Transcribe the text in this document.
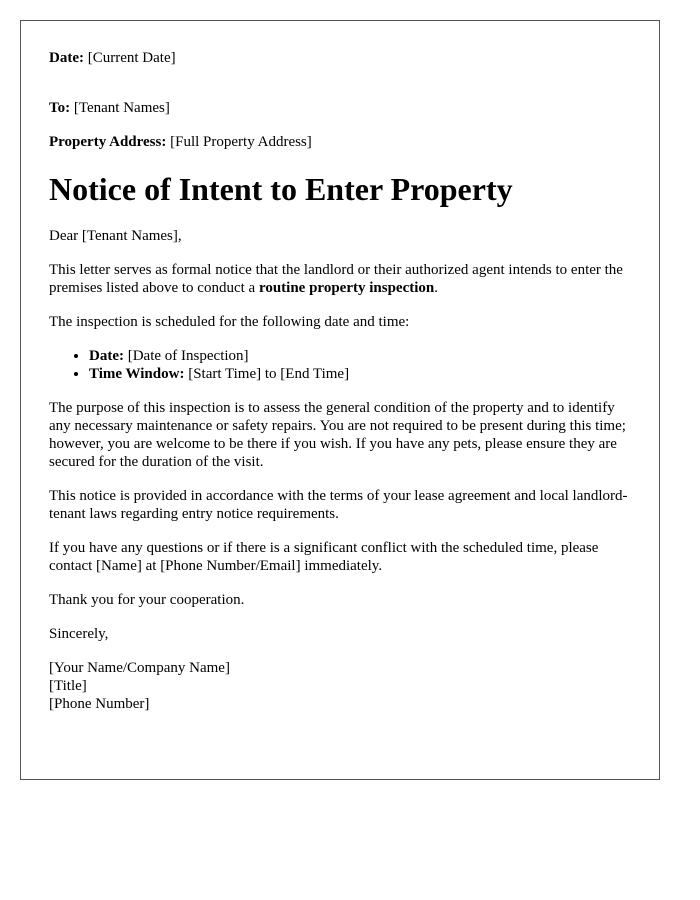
Date: [Current Date]

To: [Tenant Names]

Property Address: [Full Property Address]

Notice of Intent to Enter Property

Dear [Tenant Names],

This letter serves as formal notice that the landlord or their authorized agent intends to enter the premises listed above to conduct a routine property inspection.

The inspection is scheduled for the following date and time:

• Date: [Date of Inspection]
• Time Window: [Start Time] to [End Time]

The purpose of this inspection is to assess the general condition of the property and to identify any necessary maintenance or safety repairs. You are not required to be present during this time; however, you are welcome to be there if you wish. If you have any pets, please ensure they are secured for the duration of the visit.

This notice is provided in accordance with the terms of your lease agreement and local landlord-tenant laws regarding entry notice requirements.

If you have any questions or if there is a significant conflict with the scheduled time, please contact [Name] at [Phone Number/Email] immediately.

Thank you for your cooperation.

Sincerely,

[Your Name/Company Name]

[Title]

[Phone Number]
